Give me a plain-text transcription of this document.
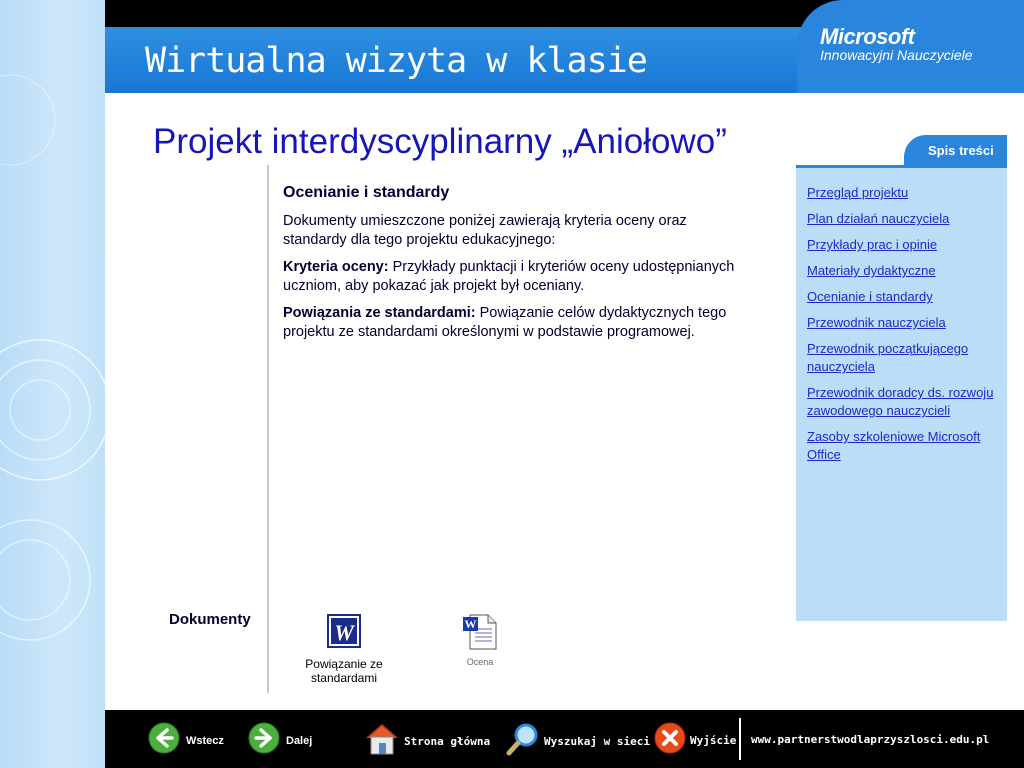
Wirtualna wizyta w klasie
Microsoft
Innowacyjni Nauczyciele
Projekt interdyscyplinarny „Aniołowo”
Ocenianie i standardy

Dokumenty umieszczone poniżej zawierają kryteria oceny oraz standardy dla tego projektu edukacyjnego:

Kryteria oceny: Przykłady punktacji i kryteriów oceny udostępnianych uczniom, aby pokazać jak projekt był oceniany.

Powiązania ze standardami: Powiązanie celów dydaktycznych tego projektu ze standardami określonymi w podstawie programowej.

Dokumenty
W
Powiązanie ze standardami
W
Ocena
Spis treści
Przegląd projektu
Plan działań nauczyciela
Przykłady prac i opinie
Materiały dydaktyczne
Ocenianie i standardy
Przewodnik nauczyciela
Przewodnik początkującego nauczyciela
Przewodnik doradcy ds. rozwoju zawodowego nauczycieli
Zasoby szkoleniowe Microsoft Office
Wstecz	Dalej	Strona główna	Wyszukaj w sieci	Wyjście www.partnerstwodlaprzyszlosci.edu.pl
